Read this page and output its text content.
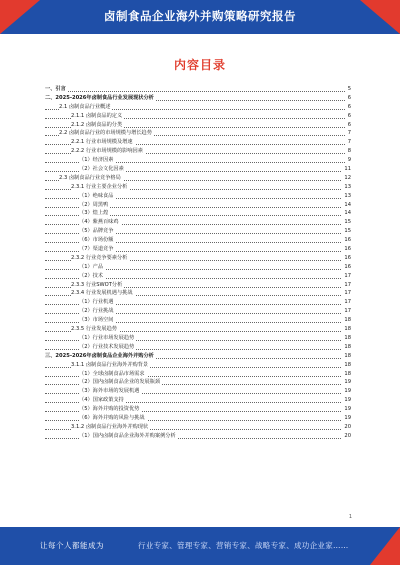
卤制食品企业海外并购策略研究报告
内容目录
一、引言	5
二、2025-2026年卤制食品行业发展现状分析	6
2.1 卤制食品行业概述	6
2.1.1 卤制食品的定义	6
2.1.2 卤制食品的分类	6
2.2 卤制食品行业的市场规模与增长趋势	7
2.2.1 行业市场规模及增速	7
2.2.2 行业市场规模的影响因素	8
（1）经济因素	9
（2）社会文化因素	11
2.3 卤制食品行业竞争格局	12
2.3.1 行业主要企业分析	13
（1）绝味食品	13
（2）周黑鸭	14
（3）煌上煌	14
（4）紫燕百味鸡	15
（5）品牌竞争	15
（6）市场份额	16
（7）渠道竞争	16
2.3.2 行业竞争要素分析	16
（1）产品	16
（2）技术	17
2.3.3 行业SWOT分析	17
2.3.4 行业发展机遇与挑战	17
（1）行业机遇	17
（2）行业挑战	17
（3）市场空间	18
2.3.5 行业发展趋势	18
（1）行业市场发展趋势	18
（2）行业技术发展趋势	18
三、2025-2026年卤制食品企业海外并购分析	18
3.1.1 卤制食品行业海外并购背景	18
（1）全球卤制食品市场需求	18
（2）国内卤制食品企业的发展瓶颈	19
（3）海外市场的发展机遇	19
（4）国家政策支持	19
（5）海外并购的投资优势	19
（6）海外并购的风险与挑战	19
3.1.2 卤制食品行业海外并购现状	20
（1）国内卤制食品企业海外并购案例分析	20
1
让每个人都能成为	行业专家、管理专家、营销专家、战略专家、成功企业家……
